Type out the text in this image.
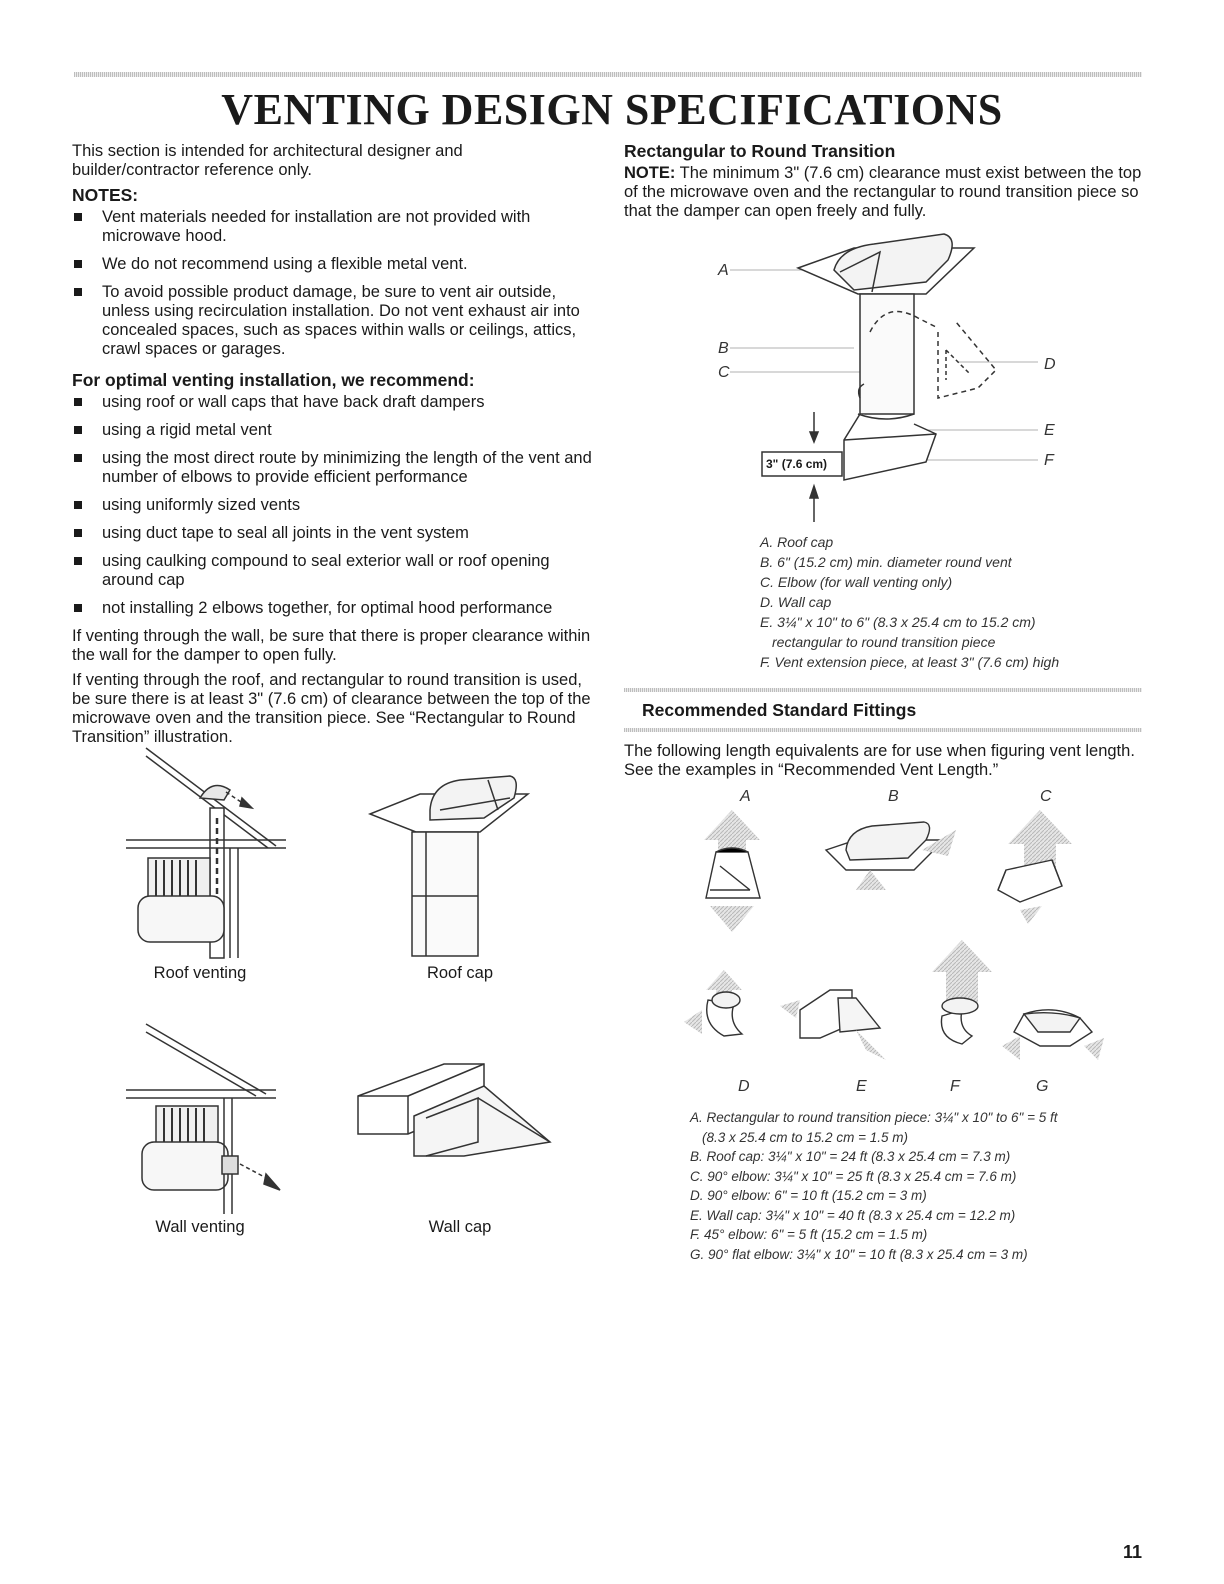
VENTING DESIGN SPECIFICATIONS

This section is intended for architectural designer and builder/contractor reference only.

NOTES:
Vent materials needed for installation are not provided with microwave hood.
We do not recommend using a flexible metal vent.
To avoid possible product damage, be sure to vent air outside, unless using recirculation installation. Do not vent exhaust air into concealed spaces, such as spaces within walls or ceilings, attics, crawl spaces or garages.
For optimal venting installation, we recommend:
using roof or wall caps that have back draft dampers
using a rigid metal vent
using the most direct route by minimizing the length of the vent and number of elbows to provide efficient performance
using uniformly sized vents
using duct tape to seal all joints in the vent system
using caulking compound to seal exterior wall or roof opening around cap
not installing 2 elbows together, for optimal hood performance

If venting through the wall, be sure that there is proper clearance within the wall for the damper to open fully.

If venting through the roof, and rectangular to round transition is used, be sure there is at least 3" (7.6 cm) of clearance between the top of the microwave oven and the transition piece. See “Rectangular to Round Transition” illustration.

Roof venting	Roof cap
Wall venting	Wall cap
Rectangular to Round Transition

NOTE: The minimum 3" (7.6 cm) clearance must exist between the top of the microwave oven and the rectangular to round transition piece so that the damper can open freely and fully.

A
B
C	D
E
F
3" (7.6 cm)
A. Roof cap
B. 6" (15.2 cm) min. diameter round vent
C. Elbow (for wall venting only)
D. Wall cap
E. 3¼" x 10" to 6" (8.3 x 25.4 cm to 15.2 cm)
rectangular to round transition piece
F. Vent extension piece, at least 3" (7.6 cm) high
Recommended Standard Fittings
The following length equivalents are for use when figuring vent length. See the examples in “Recommended Vent Length.”
A	B	C
D	E	F	G
A. Rectangular to round transition piece: 3¼" x 10" to 6" = 5 ft
(8.3 x 25.4 cm to 15.2 cm = 1.5 m)
B. Roof cap: 3¼" x 10" = 24 ft (8.3 x 25.4 cm = 7.3 m)
C. 90° elbow: 3¼" x 10" = 25 ft (8.3 x 25.4 cm = 7.6 m)
D. 90° elbow: 6" = 10 ft (15.2 cm = 3 m)
E. Wall cap: 3¼" x 10" = 40 ft (8.3 x 25.4 cm = 12.2 m)
F. 45° elbow: 6" = 5 ft (15.2 cm = 1.5 m)
G. 90° flat elbow: 3¼" x 10" = 10 ft (8.3 x 25.4 cm = 3 m)
11
